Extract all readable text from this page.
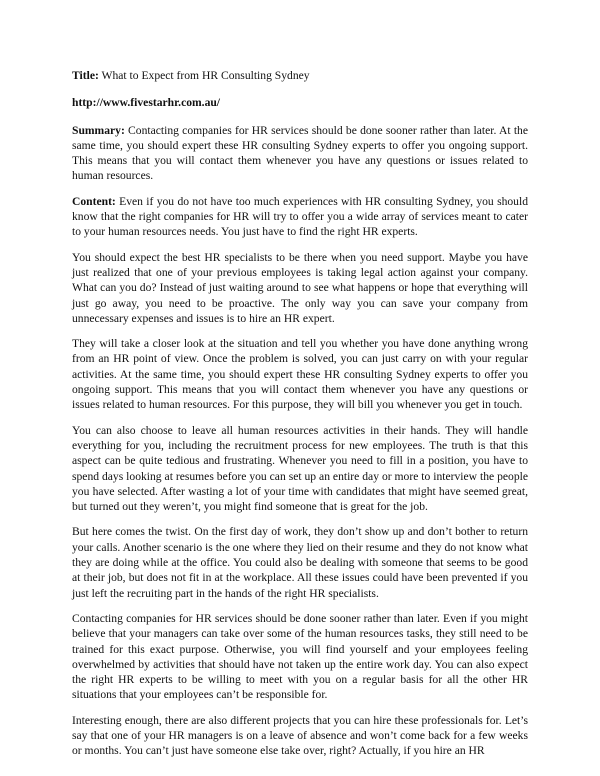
Title: What to Expect from HR Consulting Sydney

http://www.fivestarhr.com.au/

Summary: Contacting companies for HR services should be done sooner rather than later. At the same time, you should expert these HR consulting Sydney experts to offer you ongoing support. This means that you will contact them whenever you have any questions or issues related to human resources.

Content: Even if you do not have too much experiences with HR consulting Sydney, you should know that the right companies for HR will try to offer you a wide array of services meant to cater to your human resources needs. You just have to find the right HR experts.

You should expect the best HR specialists to be there when you need support. Maybe you have just realized that one of your previous employees is taking legal action against your company. What can you do? Instead of just waiting around to see what happens or hope that everything will just go away, you need to be proactive. The only way you can save your company from unnecessary expenses and issues is to hire an HR expert.

They will take a closer look at the situation and tell you whether you have done anything wrong from an HR point of view. Once the problem is solved, you can just carry on with your regular activities. At the same time, you should expert these HR consulting Sydney experts to offer you ongoing support. This means that you will contact them whenever you have any questions or issues related to human resources. For this purpose, they will bill you whenever you get in touch.

You can also choose to leave all human resources activities in their hands. They will handle everything for you, including the recruitment process for new employees. The truth is that this aspect can be quite tedious and frustrating. Whenever you need to fill in a position, you have to spend days looking at resumes before you can set up an entire day or more to interview the people you have selected. After wasting a lot of your time with candidates that might have seemed great, but turned out they weren’t, you might find someone that is great for the job.

But here comes the twist. On the first day of work, they don’t show up and don’t bother to return your calls. Another scenario is the one where they lied on their resume and they do not know what they are doing while at the office. You could also be dealing with someone that seems to be good at their job, but does not fit in at the workplace. All these issues could have been prevented if you just left the recruiting part in the hands of the right HR specialists.

Contacting companies for HR services should be done sooner rather than later. Even if you might believe that your managers can take over some of the human resources tasks, they still need to be trained for this exact purpose. Otherwise, you will find yourself and your employees feeling overwhelmed by activities that should have not taken up the entire work day. You can also expect the right HR experts to be willing to meet with you on a regular basis for all the other HR situations that your employees can’t be responsible for.

Interesting enough, there are also different projects that you can hire these professionals for. Let’s say that one of your HR managers is on a leave of absence and won’t come back for a few weeks or months. You can’t just have someone else take over, right? Actually, if you hire an HR
